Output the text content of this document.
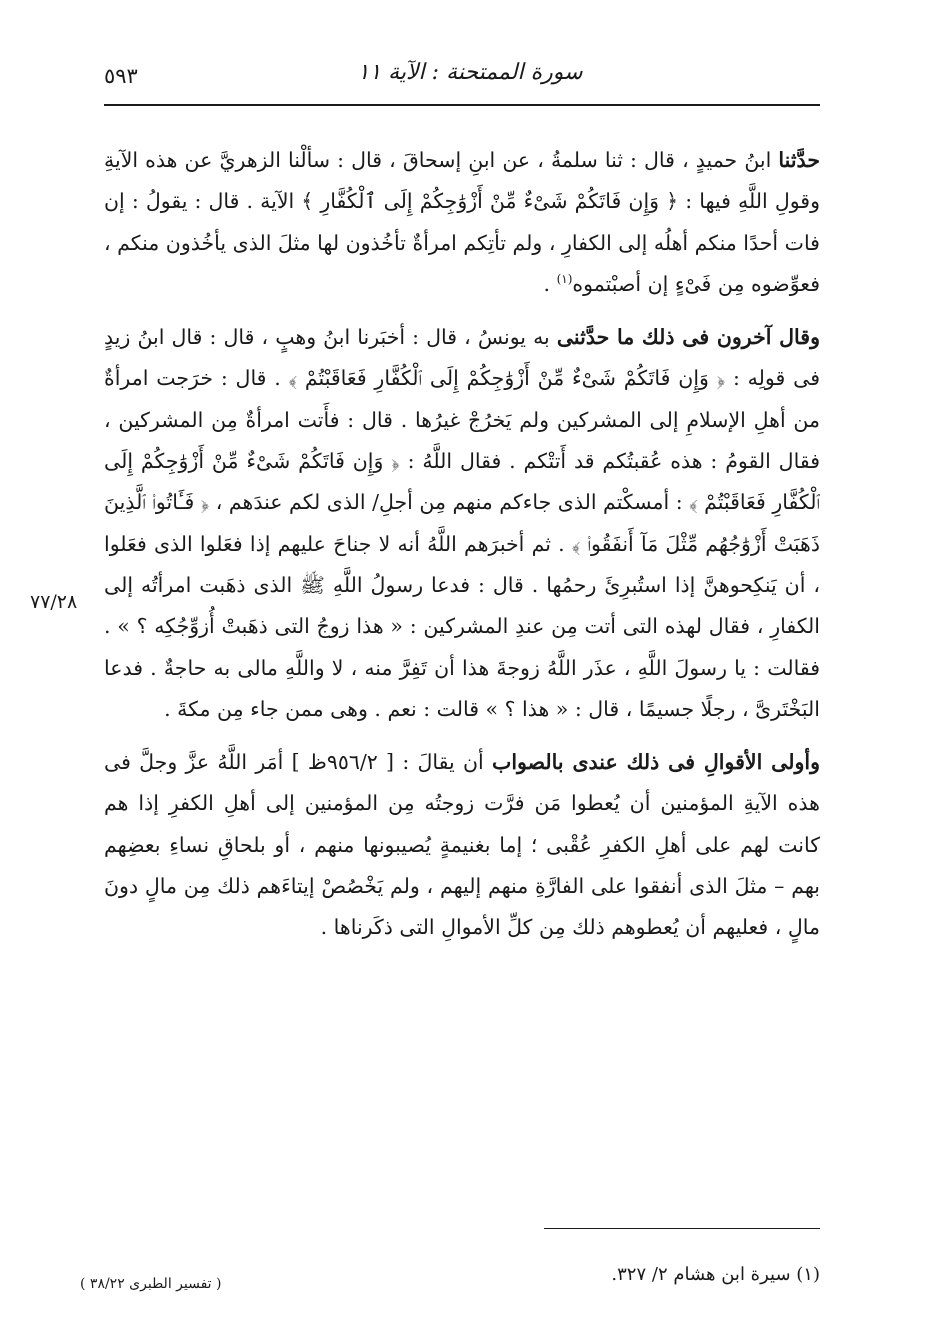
٥٩٣	سورة الممتحنة : الآية ١١
٧٧/٢٨

حدَّثنا ابنُ حميدٍ ، قال : ثنا سلمةُ ، عن ابنِ إسحاقَ ، قال : سألْنا الزهريَّ عن هذه الآيةِ وقولِ اللَّهِ فيها : ﴿ وَإِن فَاتَكُمْ شَىْءٌ مِّنْ أَزْوَٰجِكُمْ إِلَى ٱلْكُفَّارِ ﴾ الآية . قال : يقولُ : إن فات أحدًا منكم أهلُه إلى الكفارِ ، ولم تأتِكم امرأةٌ تأخُذون لها مثلَ الذى يأخُذون منكم ، فعوِّضوه مِن فَىْءٍ إن أصبْتموه$^{(١)}$ .

وقال آخرون فى ذلك ما حدَّثنى به يونسُ ، قال : أخبَرنا ابنُ وهبٍ ، قال : قال ابنُ زيدٍ فى قولِه : ﴿ وَإِن فَاتَكُمْ شَىْءٌ مِّنْ أَزْوَٰجِكُمْ إِلَى ٱلْكُفَّارِ فَعَاقَبْتُمْ ﴾ . قال : خرَجت امرأةٌ من أهلِ الإسلامِ إلى المشركين ولم يَخرُجْ غيرُها . قال : فأَتت امرأةٌ مِن المشركين ، فقال القومُ : هذه عُقبتُكم قد أَتتْكم . فقال اللَّهُ : ﴿ وَإِن فَاتَكُمْ شَىْءٌ مِّنْ أَزْوَٰجِكُمْ إِلَى ٱلْكُفَّارِ فَعَاقَبْتُمْ ﴾ : أمسكْتم الذى جاءكم منهم مِن أجلِ/ الذى لكم عندَهم ، ﴿ فَـَٔاتُوا۟ ٱلَّذِينَ ذَهَبَتْ أَزْوَٰجُهُم مِّثْلَ مَآ أَنفَقُوا۟ ﴾ . ثم أخبرَهم اللَّهُ أنه لا جناحَ عليهم إذا فعَلوا الذى فعَلوا ، أن يَنكِحوهنَّ إذا استُبرِئَ رحمُها . قال : فدعا رسولُ اللَّهِ ﷺ الذى ذهَبت امرأتُه إلى الكفارِ ، فقال لهذه التى أتت مِن عندِ المشركين : « هذا زوجُ التى ذهَبتْ أُزوِّجُكِه ؟ » . فقالت : يا رسولَ اللَّهِ ، عذَر اللَّهُ زوجةَ هذا أن تَفِرَّ منه ، لا واللَّهِ مالى به حاجةٌ . فدعا البَخْتَرىَّ ، رجلًا جسيمًا ، قال : « هذا ؟ » قالت : نعم . وهى ممن جاء مِن مكةَ .

وأولى الأقوالِ فى ذلك عندى بالصواب أن يقالَ : [ ٩٥٦/٢ظ ] أمَر اللَّهُ عزَّ وجلَّ فى هذه الآيةِ المؤمنين أن يُعطوا مَن فرَّت زوجتُه مِن المؤمنين إلى أهلِ الكفرِ إذا هم كانت لهم على أهلِ الكفرِ عُقْبى ؛ إما بغنيمةٍ يُصيبونها منهم ، أو بلحاقِ نساءِ بعضِهم بهم – مثلَ الذى أنفقوا على الفارَّةِ منهم إليهم ، ولم يَخْصُصْ إيتاءَهم ذلك مِن مالٍ دونَ مالٍ ، فعليهم أن يُعطوهم ذلك مِن كلِّ الأموالِ التى ذكَرناها .

(١) سيرة ابن هشام ٢/ ٣٢٧.
( تفسير الطبرى ٣٨/٢٢ )
